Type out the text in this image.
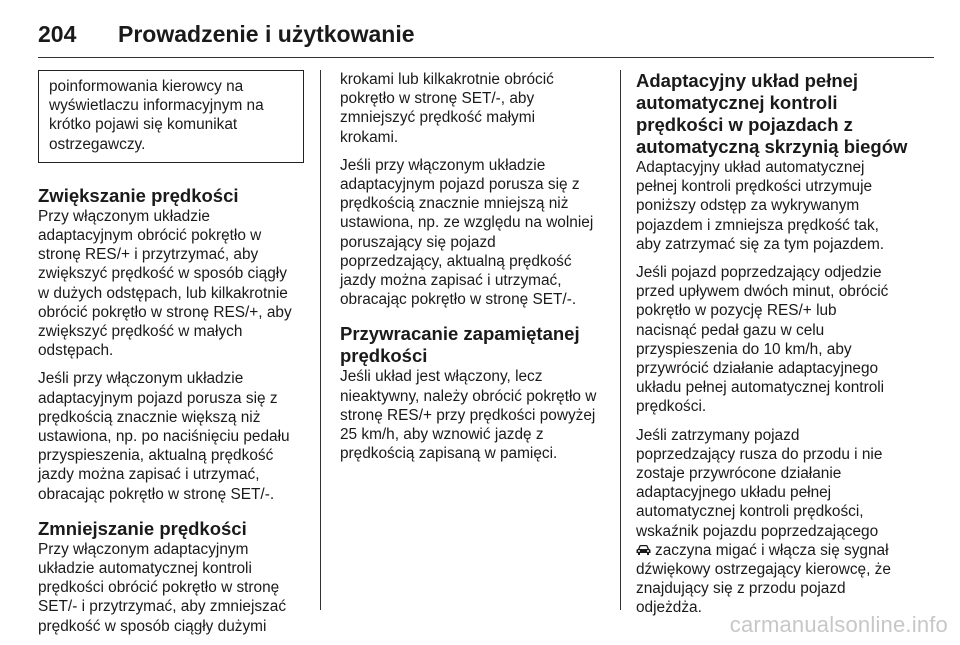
204	Prowadzenie i użytkowanie

poinformowania kierowcy na
wyświetlaczu informacyjnym na
krótko pojawi się komunikat
ostrzegawczy.

Zwiększanie prędkości

Przy włączonym układzie
adaptacyjnym obrócić pokrętło w
stronę RES/+ i przytrzymać, aby
zwiększyć prędkość w sposób ciągły
w dużych odstępach, lub kilkakrotnie
obrócić pokrętło w stronę RES/+, aby
zwiększyć prędkość w małych
odstępach.

Jeśli przy włączonym układzie
adaptacyjnym pojazd porusza się z
prędkością znacznie większą niż
ustawiona, np. po naciśnięciu pedału
przyspieszenia, aktualną prędkość
jazdy można zapisać i utrzymać,
obracając pokrętło w stronę SET/-.

Zmniejszanie prędkości

Przy włączonym adaptacyjnym
układzie automatycznej kontroli
prędkości obrócić pokrętło w stronę
SET/- i przytrzymać, aby zmniejszać
prędkość w sposób ciągły dużymi

krokami lub kilkakrotnie obrócić
pokrętło w stronę SET/-, aby
zmniejszyć prędkość małymi
krokami.

Jeśli przy włączonym układzie
adaptacyjnym pojazd porusza się z
prędkością znacznie mniejszą niż
ustawiona, np. ze względu na wolniej
poruszający się pojazd
poprzedzający, aktualną prędkość
jazdy można zapisać i utrzymać,
obracając pokrętło w stronę SET/-.

Przywracanie zapamiętanej
prędkości

Jeśli układ jest włączony, lecz
nieaktywny, należy obrócić pokrętło w
stronę RES/+ przy prędkości powyżej
25 km/h, aby wznowić jazdę z
prędkością zapisaną w pamięci.

Adaptacyjny układ pełnej
automatycznej kontroli
prędkości w pojazdach z
automatyczną skrzynią biegów

Adaptacyjny układ automatycznej
pełnej kontroli prędkości utrzymuje
poniższy odstęp za wykrywanym
pojazdem i zmniejsza prędkość tak,
aby zatrzymać się za tym pojazdem.

Jeśli pojazd poprzedzający odjedzie
przed upływem dwóch minut, obrócić
pokrętło w pozycję RES/+ lub
nacisnąć pedał gazu w celu
przyspieszenia do 10 km/h, aby
przywrócić działanie adaptacyjnego
układu pełnej automatycznej kontroli
prędkości.

Jeśli zatrzymany pojazd
poprzedzający rusza do przodu i nie
zostaje przywrócone działanie
adaptacyjnego układu pełnej
automatycznej kontroli prędkości,
wskaźnik pojazdu poprzedzającego

zaczyna migać i włącza się sygnał
dźwiękowy ostrzegający kierowcę, że
znajdujący się z przodu pojazd
odjeżdża.

carmanualsonline.info
